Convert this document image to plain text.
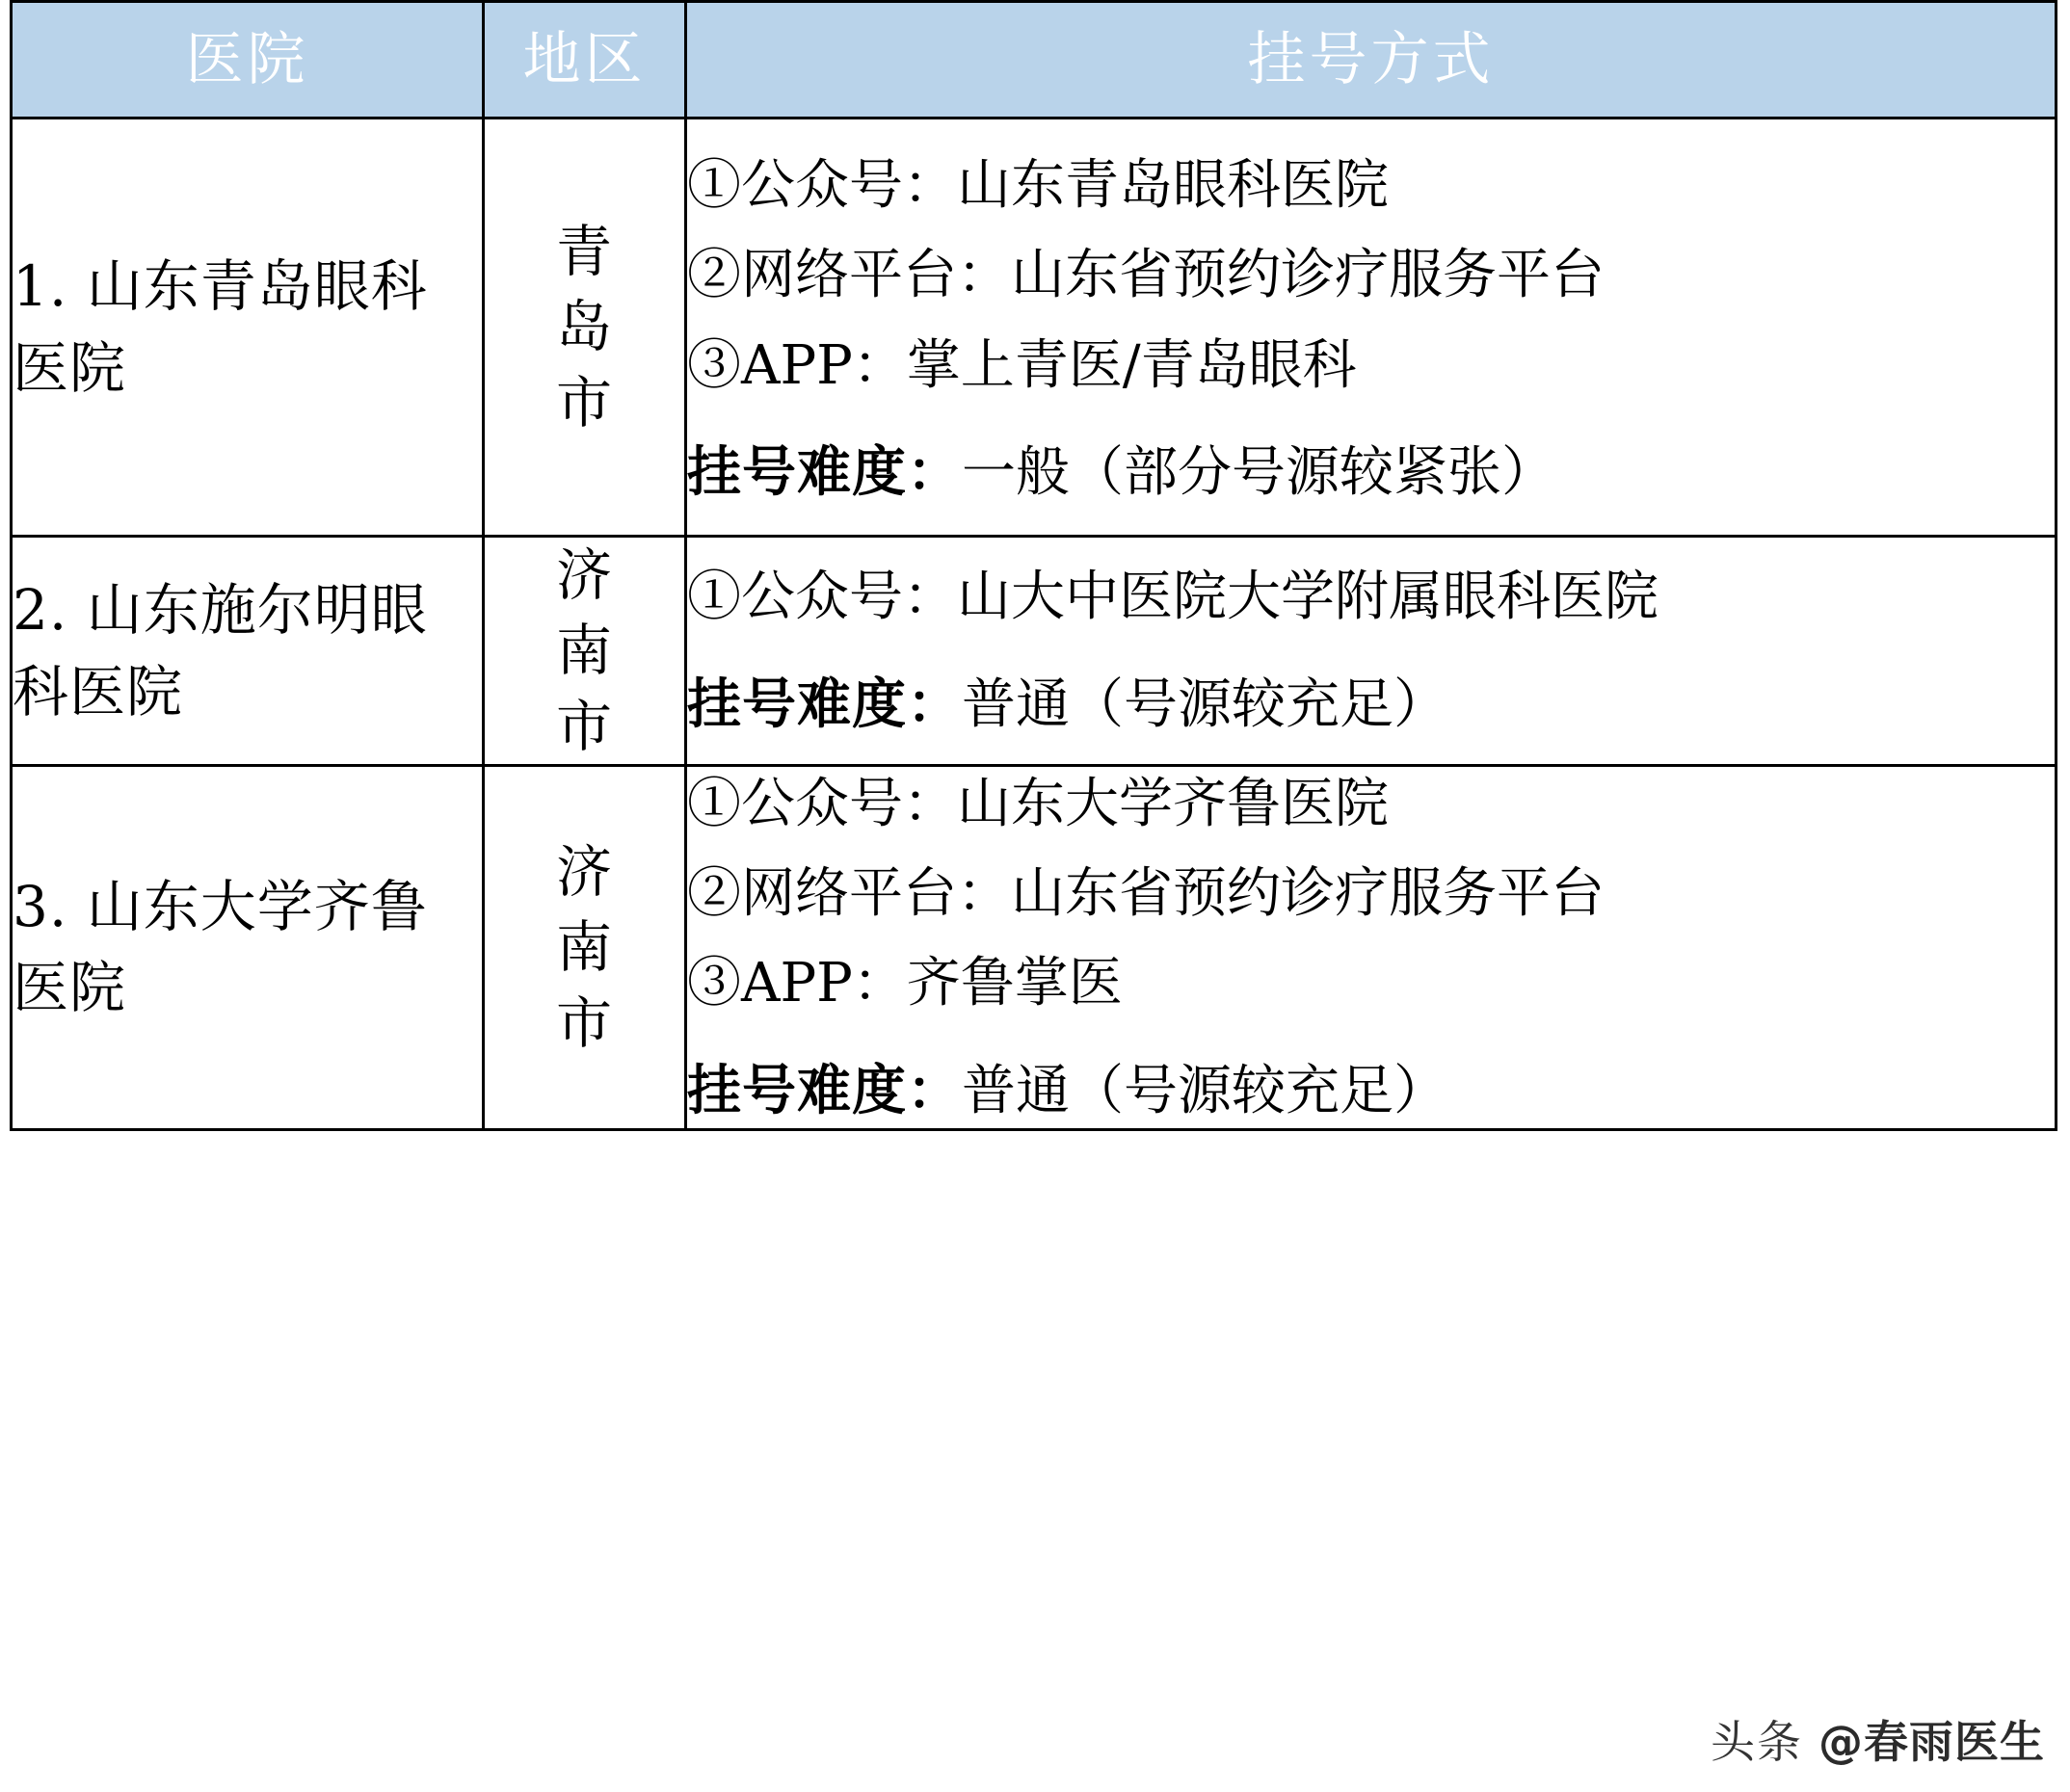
医院	地区	挂号方式
1. 山东青岛眼科医院	青岛市	①公众号：山东青岛眼科医院
②网络平台：山东省预约诊疗服务平台
③APP：掌上青医/青岛眼科
挂号难度：一般（部分号源较紧张）

2. 山东施尔明眼科医院	济南市	①公众号：山大中医院大学附属眼科医院
挂号难度：普通（号源较充足）

3. 山东大学齐鲁医院	济南市	①公众号：山东大学齐鲁医院
②网络平台：山东省预约诊疗服务平台
③APP：齐鲁掌医
挂号难度：普通（号源较充足）
头条 @春雨医生
